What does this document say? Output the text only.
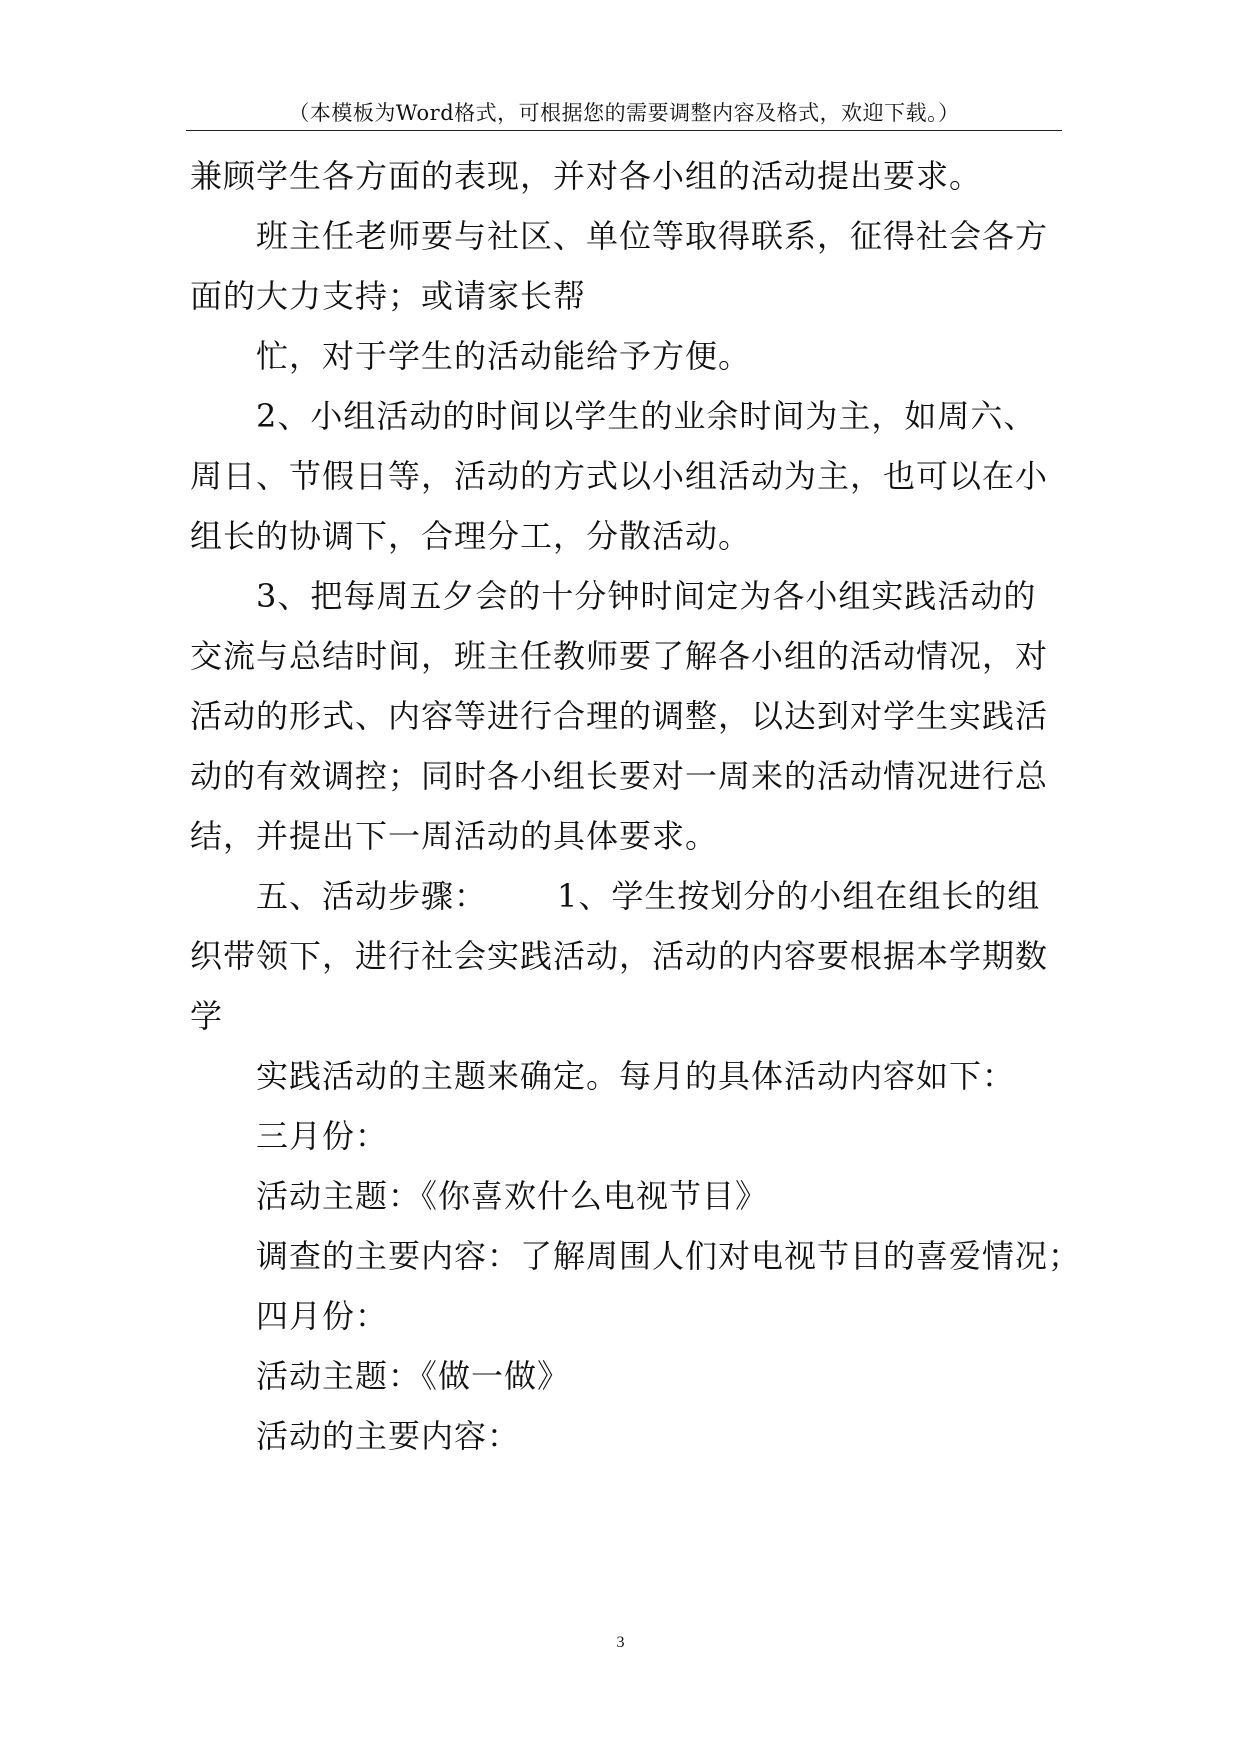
（本模板为Word格式，可根据您的需要调整内容及格式，欢迎下载。）

兼顾学生各方面的表现，并对各小组的活动提出要求。

班主任老师要与社区、单位等取得联系，征得社会各方

面的大力支持；或请家长帮

忙，对于学生的活动能给予方便。

2、小组活动的时间以学生的业余时间为主，如周六、

周日、节假日等，活动的方式以小组活动为主，也可以在小

组长的协调下，合理分工，分散活动。

3、把每周五夕会的十分钟时间定为各小组实践活动的

交流与总结时间，班主任教师要了解各小组的活动情况，对

活动的形式、内容等进行合理的调整，以达到对学生实践活

动的有效调控；同时各小组长要对一周来的活动情况进行总

结，并提出下一周活动的具体要求。

五、活动步骤： 1、学生按划分的小组在组长的组

织带领下，进行社会实践活动，活动的内容要根据本学期数

学

实践活动的主题来确定。每月的具体活动内容如下：

三月份：

活动主题：《你喜欢什么电视节目》

调查的主要内容：了解周围人们对电视节目的喜爱情况；

四月份：

活动主题：《做一做》

活动的主要内容：

3
